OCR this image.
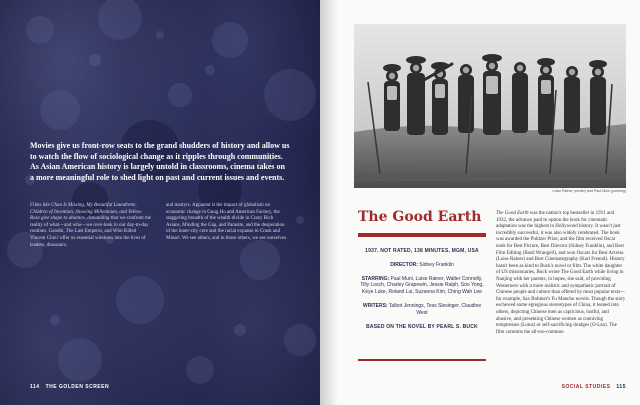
Movies give us front-row seats to the grand shudders of history and allow us to watch the flow of sociological change as it ripples through communities. As Asian American history is largely untold in classrooms, cinema takes on a more meaningful role to shed light on past and current issues and events.

Films like Chan Is Missing, My Beautiful Laundrette, Children of Invention, Showing Millennium, and Yellow Rose give shape to absence, demanding that we confront the reality of what—and who—we over-look in our day-to-day routines. Gandhi, The Last Emperor, and Who Killed Vincent Chin? offer us essential windows into the lives of leaders, dinosaurs,

and martyrs. Apparent is the impact of globalism on economic change in Gung Ho and American Factory, the staggering breadth of the wealth divide in Crazy Rich Asians, Minding the Gap, and Parasite, and the desperation of the inner-city core and the racial expanse in Crash and Minari. We see others, and in those others, we see ourselves.

114 THE GOLDEN SCREEN
Luise Rainer (center) and Paul Muni (pointing)
The Good Earth

1937, NOT RATED, 138 MINUTES, MGM, USA

DIRECTOR: Sidney Franklin

STARRING: Paul Muni, Luise Rainer, Walter Connolly, Tilly Losch, Charley Grapewin, Jessie Ralph, Soo Yong, Keye Luke, Roland Lui, Suzanna Kim, Ching Wah Lee

WRITERS: Talbot Jennings, Tess Slesinger, Claudine West

BASED ON THE NOVEL BY PEARL S. BUCK

The Good Earth was the nation's top bestseller in 1931 and 1932, the advance paid to option the book for cinematic adaptation was the highest in Hollywood history. It wasn't just incredibly successful, it was also widely celebrated. The book was awarded the Pulitzer Prize, and the film received Oscar nods for Best Picture, Best Director (Sidney Franklin), and Best Film Editing (Basil Wrangell), and won Oscars for Best Actress (Luise Rainer) and Best Cinematography (Karl Freund). History hasn't been as kind to Buck's novel or film. The white daughter of US missionaries, Buck wrote The Good Earth while living in Nanjing with her parents, in hopes, she said, of providing Westerners with a more realistic and sympathetic portrait of Chinese people and culture than offered by most popular texts—for example, Sax Rohmer's Fu Manchu novels. Though the story eschewed some egregious stereotypes of China, it leaned into others, depicting Chinese men as capricious, lustful, and abusive, and presenting Chinese women as conniving temptresses (Lotus) or self-sacrificing drudges (O-Lan). The film commits the all-too-common

SOCIAL STUDIES 115
